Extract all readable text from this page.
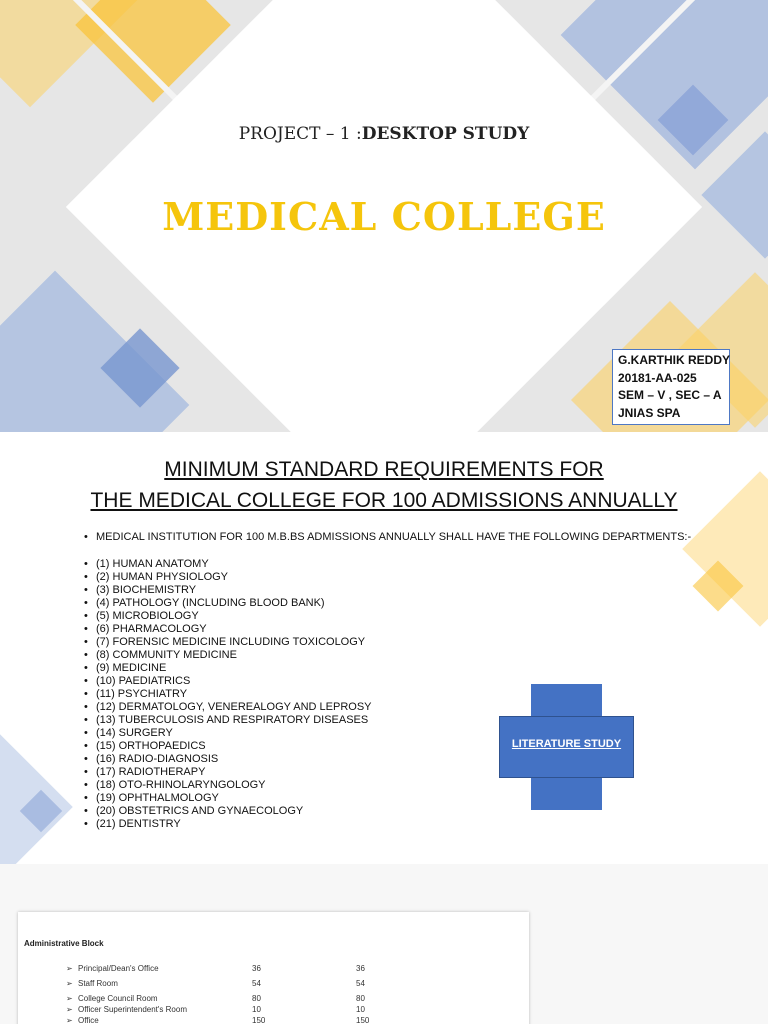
PROJECT – 1 :DESKTOP STUDY
MEDICAL COLLEGE
G.KARTHIK REDDY
20181-AA-025
SEM – V , SEC – A
JNIAS SPA
MINIMUM STANDARD REQUIREMENTS FOR
THE MEDICAL COLLEGE FOR 100 ADMISSIONS ANNUALLY
• MEDICAL INSTITUTION FOR 100 M.B.BS ADMISSIONS ANNUALLY SHALL HAVE THE FOLLOWING DEPARTMENTS:-
• (1) HUMAN ANATOMY
• (2) HUMAN PHYSIOLOGY
• (3) BIOCHEMISTRY
• (4) PATHOLOGY (INCLUDING BLOOD BANK)
• (5) MICROBIOLOGY
• (6) PHARMACOLOGY
• (7) FORENSIC MEDICINE INCLUDING TOXICOLOGY
• (8) COMMUNITY MEDICINE
• (9) MEDICINE
• (10) PAEDIATRICS
• (11) PSYCHIATRY
• (12) DERMATOLOGY, VENEREALOGY AND LEPROSY
• (13) TUBERCULOSIS AND RESPIRATORY DISEASES
• (14) SURGERY
• (15) ORTHOPAEDICS
• (16) RADIO-DIAGNOSIS
• (17) RADIOTHERAPY
• (18) OTO-RHINOLARYNGOLOGY
• (19) OPHTHALMOLOGY
• (20) OBSTETRICS AND GYNAECOLOGY
• (21) DENTISTRY
LITERATURE STUDY
Administrative Block
➢ Principal/Dean's Office	36	36
➢ Staff Room	54	54
➢ College Council Room	80	80
➢ Officer Superintendent's Room	10	10
➢ Office	150	150
